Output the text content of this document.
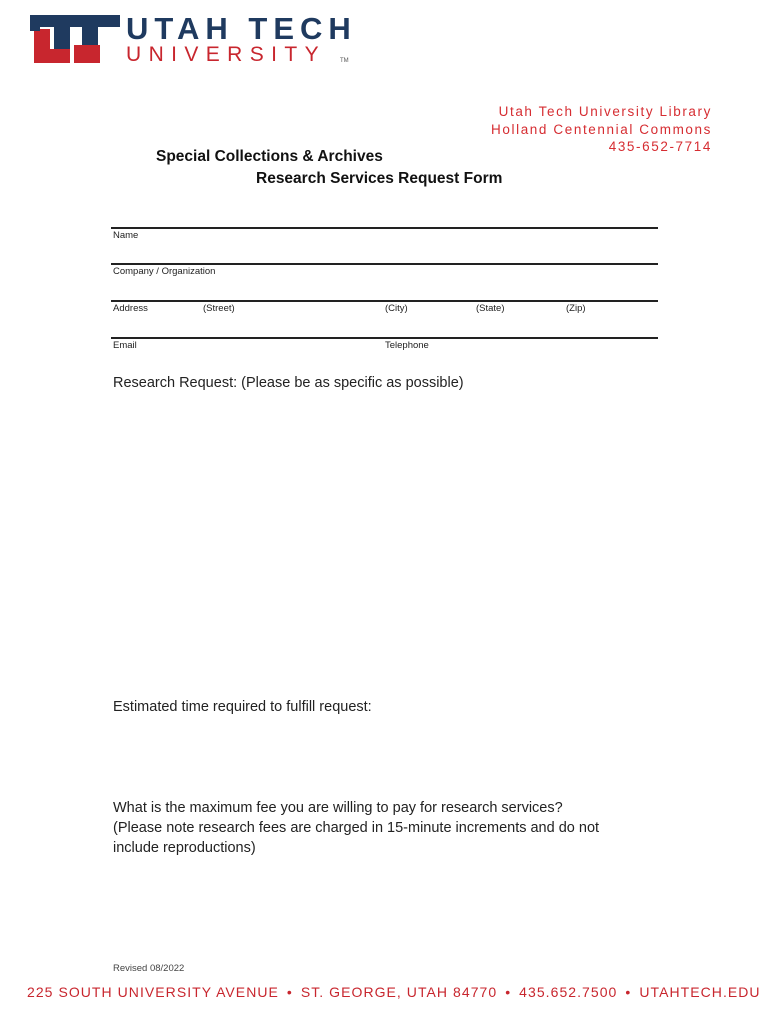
UTAH TECH
UNIVERSITY TM
Utah Tech University Library
Holland Centennial Commons
435-652-7714
Special Collections & Archives
Research Services Request Form
Name
Company / Organization
Address	(Street)	(City)	(State)	(Zip)
Email	Telephone
Research Request: (Please be as specific as possible)
Estimated time required to fulfill request:
What is the maximum fee you are willing to pay for research services?
(Please note research fees are charged in 15-minute increments and do not
include reproductions)
Revised 08/2022
225 SOUTH UNIVERSITY AVENUE • ST. GEORGE, UTAH 84770 • 435.652.7500 • UTAHTECH.EDU
